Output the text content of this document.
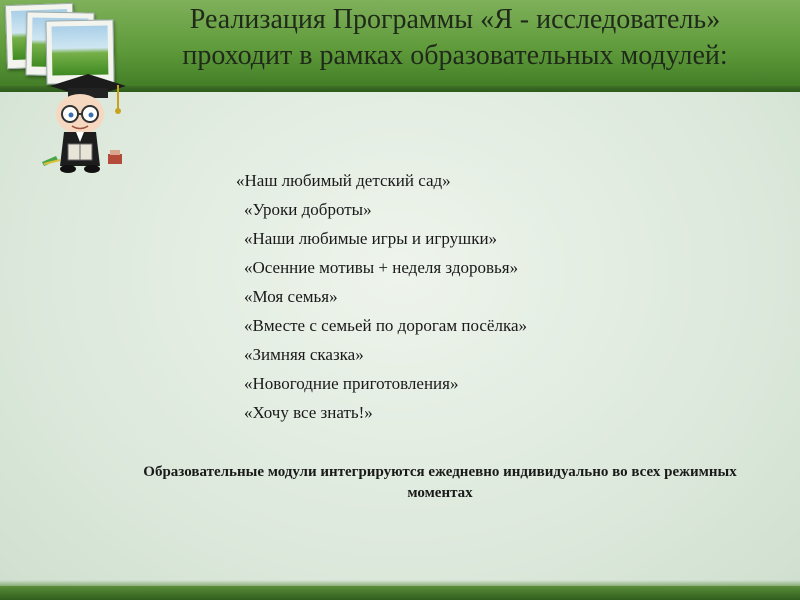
Реализация Программы «Я - исследователь»
проходит в рамках образовательных модулей:
«Наш любимый детский сад»
«Уроки доброты»
«Наши любимые игры и игрушки»
«Осенние мотивы + неделя здоровья»
«Моя семья»
«Вместе с семьей по дорогам посёлка»
«Зимняя сказка»
«Новогодние приготовления»
«Хочу все знать!»
Образовательные модули интегрируются ежедневно индивидуально во всех режимных моментах
